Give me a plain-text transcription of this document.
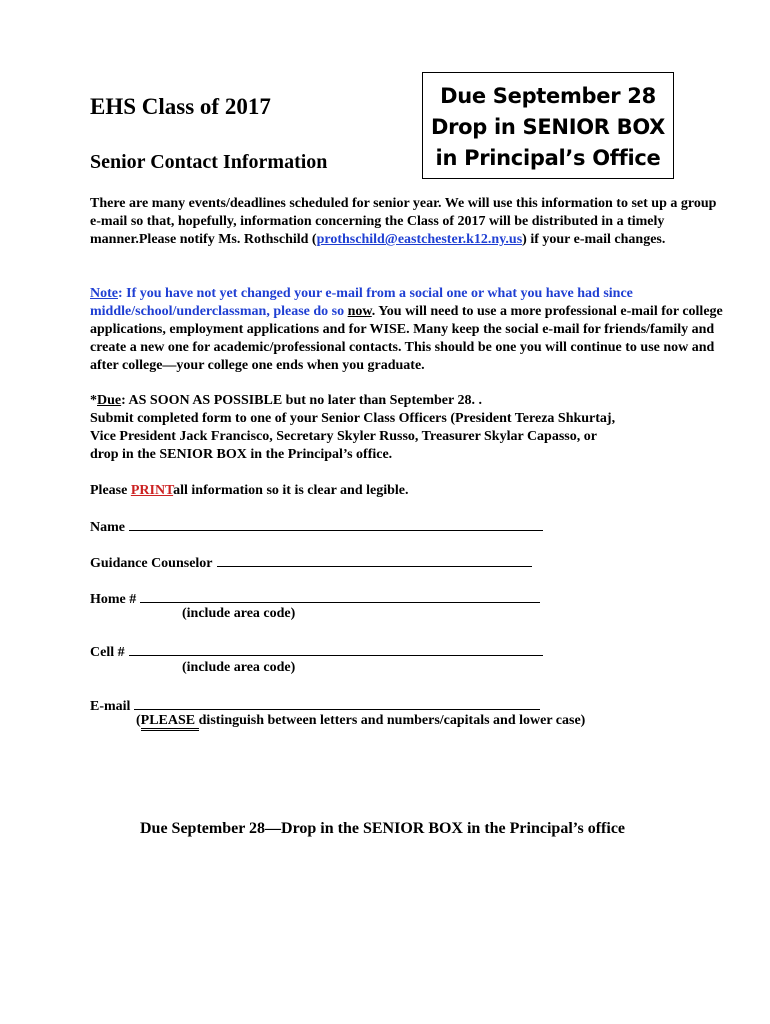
EHS Class of 2017
Senior Contact Information
Due September 28
Drop in SENIOR BOX
in Principal’s Office
There are many events/deadlines scheduled for senior year. We will use this information to set up a group e-mail so that, hopefully, information concerning the Class of 2017 will be distributed in a timely manner.Please notify Ms. Rothschild (prothschild@eastchester.k12.ny.us) if your e-mail changes.
Note: If you have not yet changed your e-mail from a social one or what you have had since middle/school/underclassman, please do so now. You will need to use a more professional e-mail for college applications, employment applications and for WISE. Many keep the social e-mail for friends/family and create a new one for academic/professional contacts. This should be one you will continue to use now and after college—your college one ends when you graduate.
*Due: AS SOON AS POSSIBLE but no later than September 28. .
Submit completed form to one of your Senior Class Officers (President Tereza Shkurtaj,
Vice President Jack Francisco, Secretary Skyler Russo, Treasurer Skylar Capasso, or
drop in the SENIOR BOX in the Principal’s office.
Please PRINTall information so it is clear and legible.
Name
Guidance Counselor
Home #
(include area code)
Cell #
(include area code)
E-mail
(PLEASE distinguish between letters and numbers/capitals and lower case)
Due September 28—Drop in the SENIOR BOX in the Principal’s office
